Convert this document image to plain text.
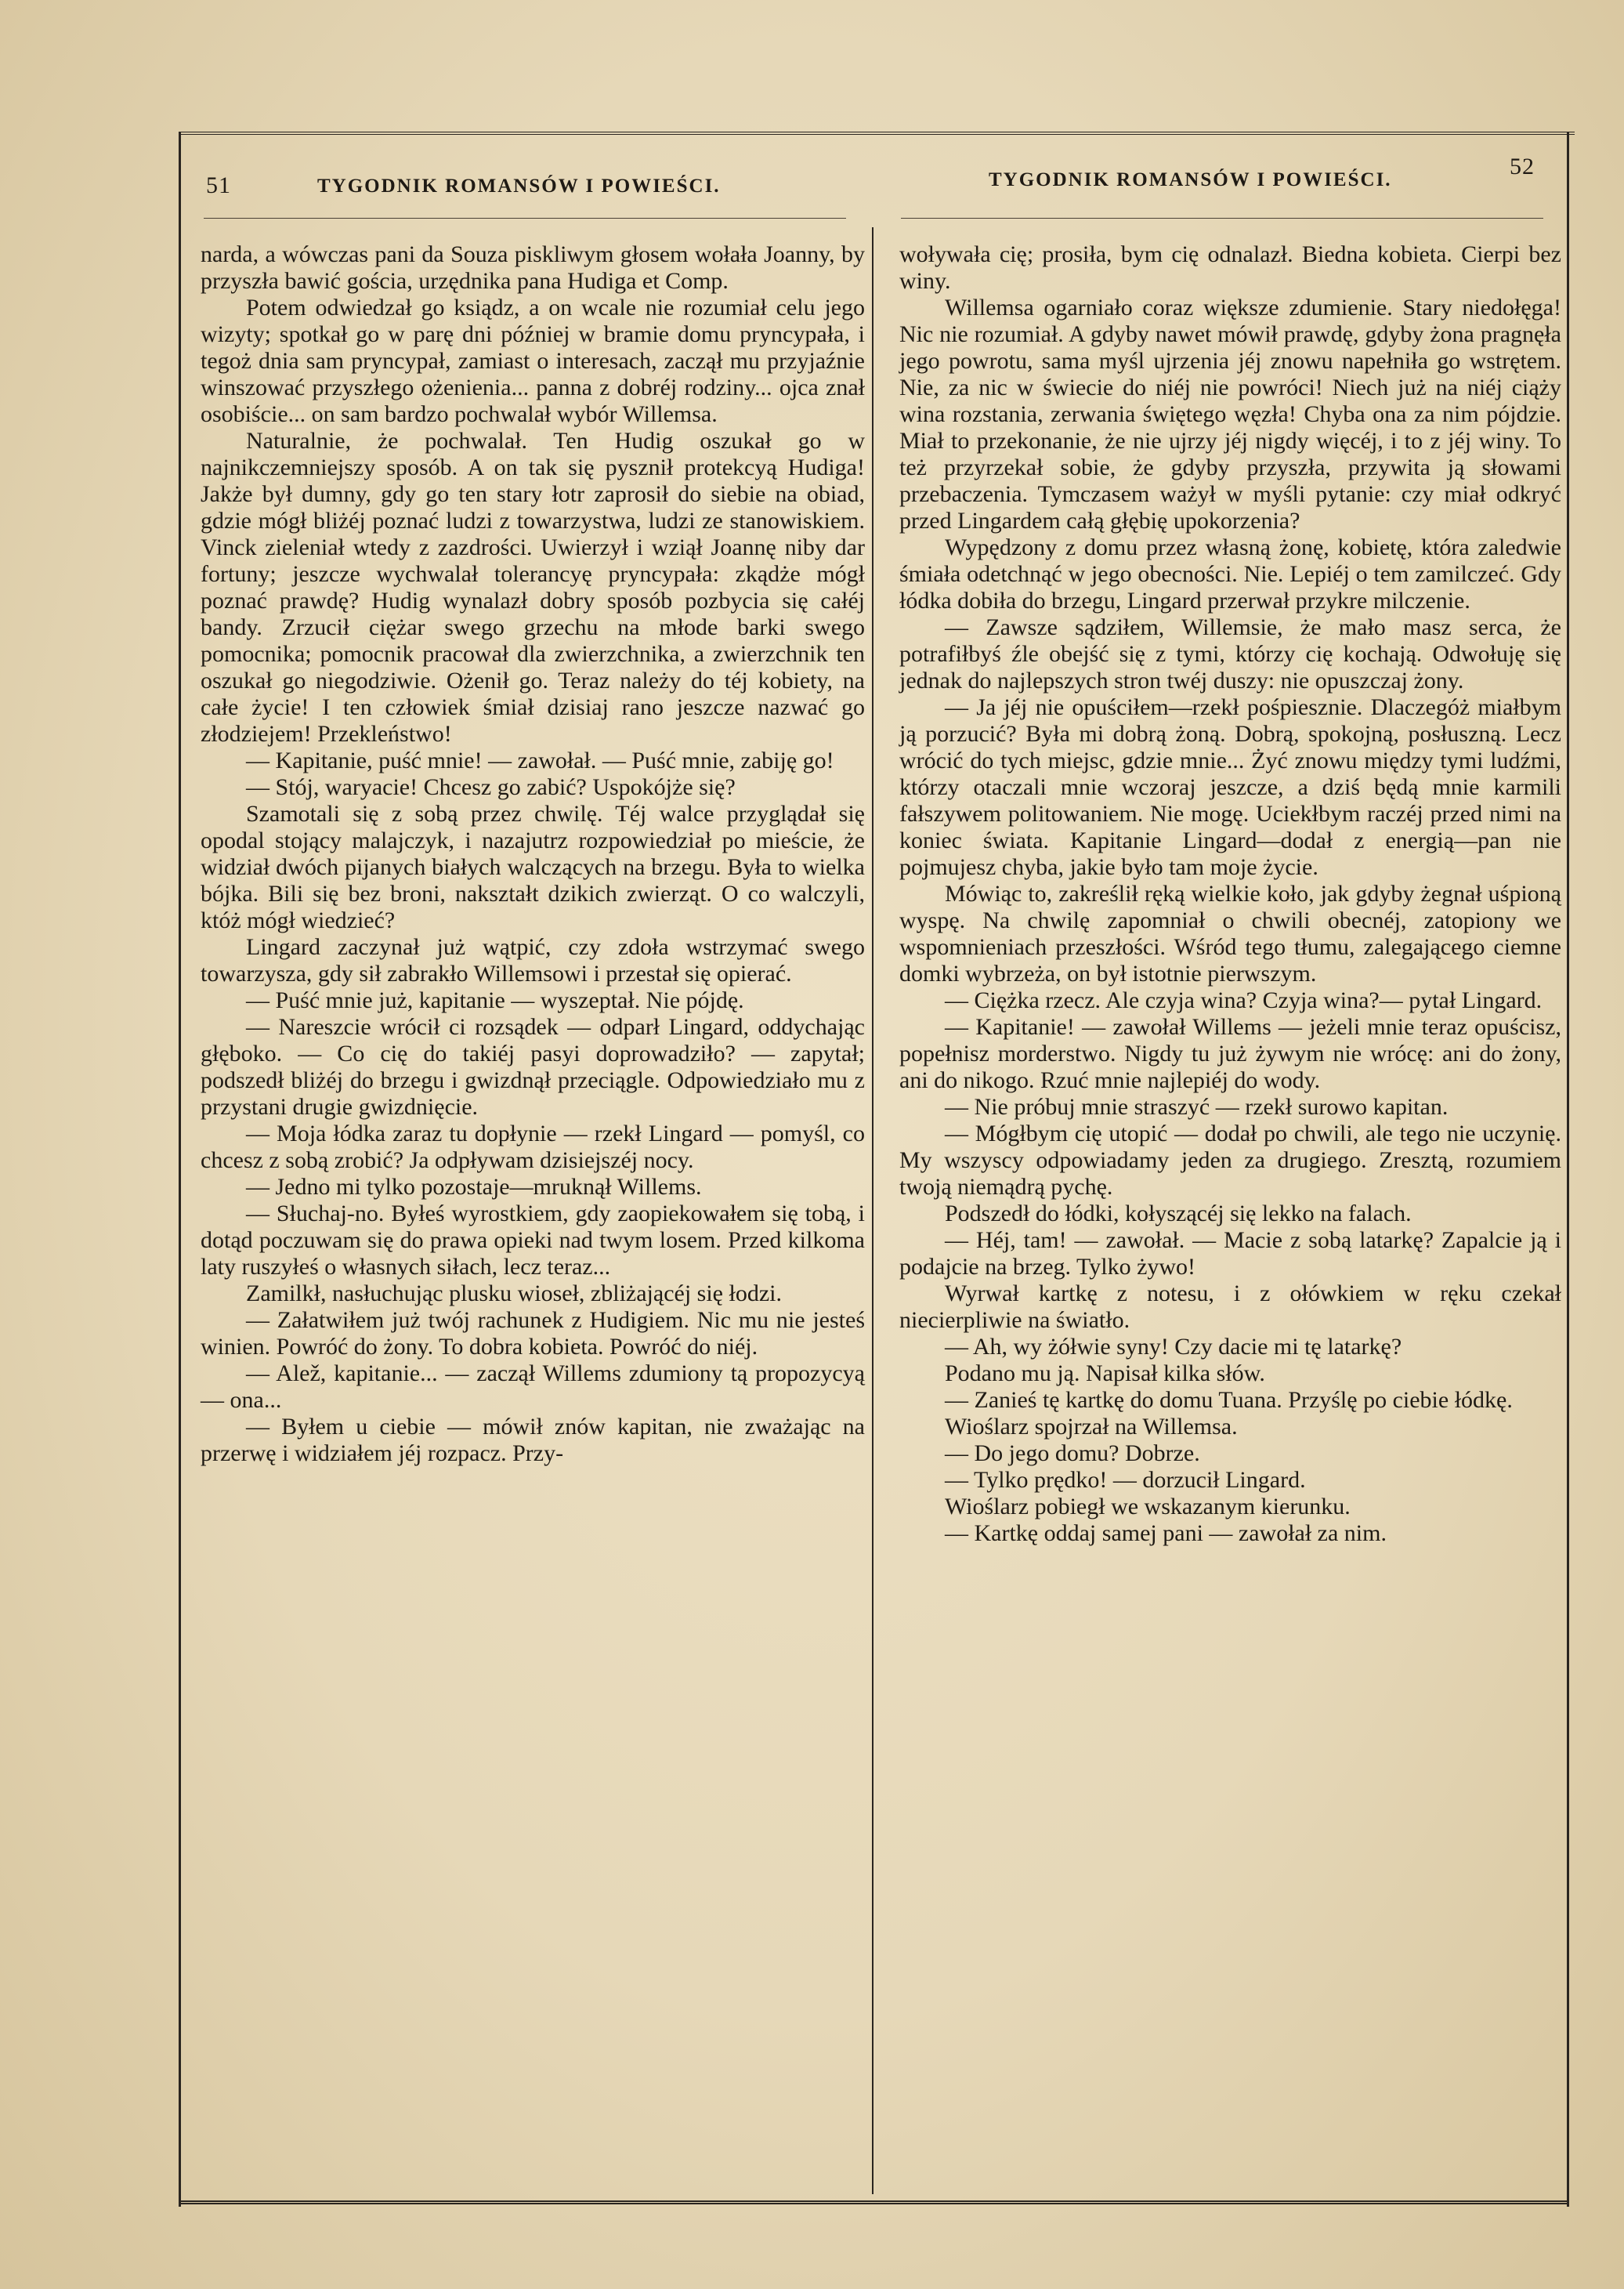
51	TYGODNIK ROMANSÓW I POWIEŚCI.	TYGODNIK ROMANSÓW I POWIEŚCI.
52

narda, a wówczas pani da Souza piskliwym głosem wołała Joanny, by przyszła bawić gościa, urzędnika pana Hudiga et Comp.

Potem odwiedzał go ksiądz, a on wcale nie rozumiał celu jego wizyty; spotkał go w parę dni później w bramie domu pryncypała, i tegoż dnia sam pryncypał, zamiast o interesach, zaczął mu przyjaźnie winszować przyszłego ożenienia... panna z dobréj rodziny... ojca znał osobiście... on sam bardzo pochwalał wybór Willemsa.

Naturalnie, że pochwalał. Ten Hudig oszukał go w najnikczemniejszy sposób. A on tak się pysznił protekcyą Hudiga! Jakże był dumny, gdy go ten stary łotr zaprosił do siebie na obiad, gdzie mógł bliżéj poznać ludzi z towarzystwa, ludzi ze stanowiskiem. Vinck zieleniał wtedy z zazdrości. Uwierzył i wziął Joannę niby dar fortuny; jeszcze wychwalał tolerancyę pryncypała: zkądże mógł poznać prawdę? Hudig wynalazł dobry sposób pozbycia się całéj bandy. Zrzucił ciężar swego grzechu na młode barki swego pomocnika; pomocnik pracował dla zwierzchnika, a zwierzchnik ten oszukał go niegodziwie. Ożenił go. Teraz należy do téj kobiety, na całe życie! I ten człowiek śmiał dzisiaj rano jeszcze nazwać go złodziejem! Przekleństwo!

— Kapitanie, puść mnie! — zawołał. — Puść mnie, zabiję go!

— Stój, waryacie! Chcesz go zabić? Uspokójże się?

Szamotali się z sobą przez chwilę. Téj walce przyglądał się opodal stojący malajczyk, i nazajutrz rozpowiedział po mieście, że widział dwóch pijanych białych walczących na brzegu. Była to wielka bójka. Bili się bez broni, nakształt dzikich zwierząt. O co walczyli, któż mógł wiedzieć?

Lingard zaczynał już wątpić, czy zdoła wstrzymać swego towarzysza, gdy sił zabrakło Willemsowi i przestał się opierać.

— Puść mnie już, kapitanie — wyszeptał. Nie pójdę.

— Nareszcie wrócił ci rozsądek — odparł Lingard, oddychając głęboko. — Co cię do takiéj pasyi doprowadziło? — zapytał; podszedł bliżéj do brzegu i gwizdnął przeciągle. Odpowiedziało mu z przystani drugie gwizdnięcie.

— Moja łódka zaraz tu dopłynie — rzekł Lingard — pomyśl, co chcesz z sobą zrobić? Ja odpływam dzisiejszéj nocy.

— Jedno mi tylko pozostaje—mruknął Willems.

— Słuchaj-no. Byłeś wyrostkiem, gdy zaopiekowałem się tobą, i dotąd poczuwam się do prawa opieki nad twym losem. Przed kilkoma laty ruszyłeś o własnych siłach, lecz teraz...

Zamilkł, nasłuchując plusku wioseł, zbliżającéj się łodzi.

— Załatwiłem już twój rachunek z Hudigiem. Nic mu nie jesteś winien. Powróć do żony. To dobra kobieta. Powróć do niéj.

— Alež, kapitanie... — zaczął Willems zdumiony tą propozycyą — ona...

— Byłem u ciebie — mówił znów kapitan, nie zważając na przerwę i widziałem jéj rozpacz. Przy-

woływała cię; prosiła, bym cię odnalazł. Biedna kobieta. Cierpi bez winy.

Willemsa ogarniało coraz większe zdumienie. Stary niedołęga! Nic nie rozumiał. A gdyby nawet mówił prawdę, gdyby żona pragnęła jego powrotu, sama myśl ujrzenia jéj znowu napełniła go wstrętem. Nie, za nic w świecie do niéj nie powróci! Niech już na niéj ciąży wina rozstania, zerwania świętego węzła! Chyba ona za nim pójdzie. Miał to przekonanie, że nie ujrzy jéj nigdy więcéj, i to z jéj winy. To też przyrzekał sobie, że gdyby przyszła, przywita ją słowami przebaczenia. Tymczasem ważył w myśli pytanie: czy miał odkryć przed Lingardem całą głębię upokorzenia?

Wypędzony z domu przez własną żonę, kobietę, która zaledwie śmiała odetchnąć w jego obecności. Nie. Lepiéj o tem zamilczeć. Gdy łódka dobiła do brzegu, Lingard przerwał przykre milczenie.

— Zawsze sądziłem, Willemsie, że mało masz serca, że potrafiłbyś źle obejść się z tymi, którzy cię kochają. Odwołuję się jednak do najlepszych stron twéj duszy: nie opuszczaj żony.

— Ja jéj nie opuściłem—rzekł pośpiesznie. Dlaczegóż miałbym ją porzucić? Była mi dobrą żoną. Dobrą, spokojną, posłuszną. Lecz wrócić do tych miejsc, gdzie mnie... Żyć znowu między tymi ludźmi, którzy otaczali mnie wczoraj jeszcze, a dziś będą mnie karmili fałszywem politowaniem. Nie mogę. Uciekłbym raczéj przed nimi na koniec świata. Kapitanie Lingard—dodał z energią—pan nie pojmujesz chyba, jakie było tam moje życie.

Mówiąc to, zakreślił ręką wielkie koło, jak gdyby żegnał uśpioną wyspę. Na chwilę zapomniał o chwili obecnéj, zatopiony we wspomnieniach przeszłości. Wśród tego tłumu, zalegającego ciemne domki wybrzeża, on był istotnie pierwszym.

— Ciężka rzecz. Ale czyja wina? Czyja wina?— pytał Lingard.

— Kapitanie! — zawołał Willems — jeżeli mnie teraz opuścisz, popełnisz morderstwo. Nigdy tu już żywym nie wrócę: ani do żony, ani do nikogo. Rzuć mnie najlepiéj do wody.

— Nie próbuj mnie straszyć — rzekł surowo kapitan.

— Mógłbym cię utopić — dodał po chwili, ale tego nie uczynię. My wszyscy odpowiadamy jeden za drugiego. Zresztą, rozumiem twoją niemądrą pychę.

Podszedł do łódki, kołyszącéj się lekko na falach.

— Héj, tam! — zawołał. — Macie z sobą latarkę? Zapalcie ją i podajcie na brzeg. Tylko żywo!

Wyrwał kartkę z notesu, i z ołówkiem w ręku czekał niecierpliwie na światło.

— Ah, wy żółwie syny! Czy dacie mi tę latarkę?

Podano mu ją. Napisał kilka słów.

— Zanieś tę kartkę do domu Tuana. Przyślę po ciebie łódkę.

Wioślarz spojrzał na Willemsa.

— Do jego domu? Dobrze.

— Tylko prędko! — dorzucił Lingard.

Wioślarz pobiegł we wskazanym kierunku.

— Kartkę oddaj samej pani — zawołał za nim.
